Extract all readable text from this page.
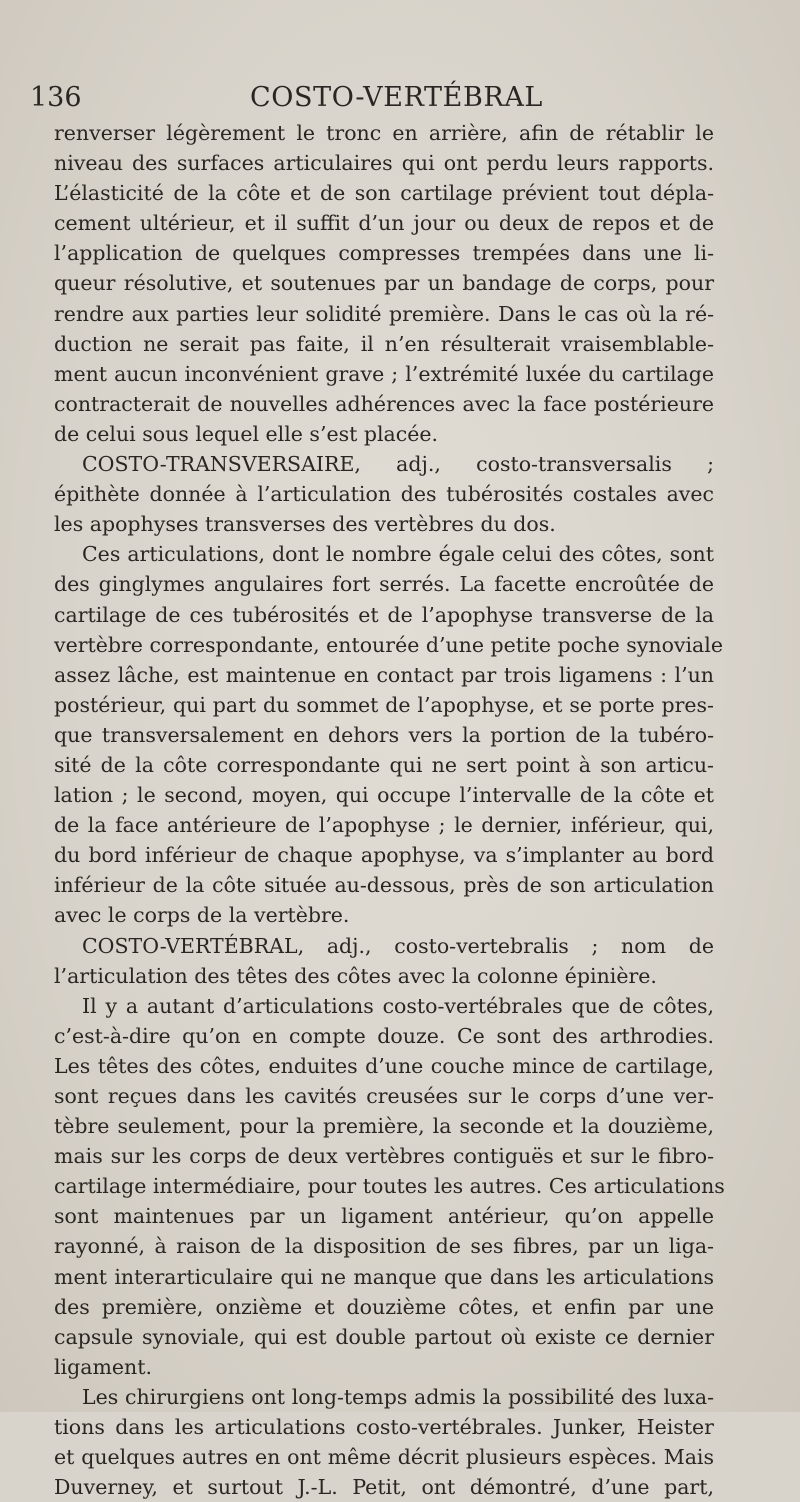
136	COSTO-VERTÉBRAL
renverser légèrement le tronc en arrière, afin de rétablir le
niveau des surfaces articulaires qui ont perdu leurs rapports.
L’élasticité de la côte et de son cartilage prévient tout dépla-
cement ultérieur, et il suffit d’un jour ou deux de repos et de
l’application de quelques compresses trempées dans une li-
queur résolutive, et soutenues par un bandage de corps, pour
rendre aux parties leur solidité première. Dans le cas où la ré-
duction ne serait pas faite, il n’en résulterait vraisemblable-
ment aucun inconvénient grave ; l’extrémité luxée du cartilage
contracterait de nouvelles adhérences avec la face postérieure
de celui sous lequel elle s’est placée.
COSTO-TRANSVERSAIRE, adj., costo-transversalis ;
épithète donnée à l’articulation des tubérosités costales avec
les apophyses transverses des vertèbres du dos.
Ces articulations, dont le nombre égale celui des côtes, sont
des ginglymes angulaires fort serrés. La facette encroûtée de
cartilage de ces tubérosités et de l’apophyse transverse de la
vertèbre correspondante, entourée d’une petite poche synoviale
assez lâche, est maintenue en contact par trois ligamens : l’un
postérieur, qui part du sommet de l’apophyse, et se porte pres-
que transversalement en dehors vers la portion de la tubéro-
sité de la côte correspondante qui ne sert point à son articu-
lation ; le second, moyen, qui occupe l’intervalle de la côte et
de la face antérieure de l’apophyse ; le dernier, inférieur, qui,
du bord inférieur de chaque apophyse, va s’implanter au bord
inférieur de la côte située au-dessous, près de son articulation
avec le corps de la vertèbre.
COSTO-VERTÉBRAL, adj., costo-vertebralis ; nom de
l’articulation des têtes des côtes avec la colonne épinière.
Il y a autant d’articulations costo-vertébrales que de côtes,
c’est-à-dire qu’on en compte douze. Ce sont des arthrodies.
Les têtes des côtes, enduites d’une couche mince de cartilage,
sont reçues dans les cavités creusées sur le corps d’une ver-
tèbre seulement, pour la première, la seconde et la douzième,
mais sur les corps de deux vertèbres contiguës et sur le fibro-
cartilage intermédiaire, pour toutes les autres. Ces articulations
sont maintenues par un ligament antérieur, qu’on appelle
rayonné, à raison de la disposition de ses fibres, par un liga-
ment interarticulaire qui ne manque que dans les articulations
des première, onzième et douzième côtes, et enfin par une
capsule synoviale, qui est double partout où existe ce dernier
ligament.
Les chirurgiens ont long-temps admis la possibilité des luxa-
tions dans les articulations costo-vertébrales. Junker, Heister
et quelques autres en ont même décrit plusieurs espèces. Mais
Duverney, et surtout J.-L. Petit, ont démontré, d’une part,
